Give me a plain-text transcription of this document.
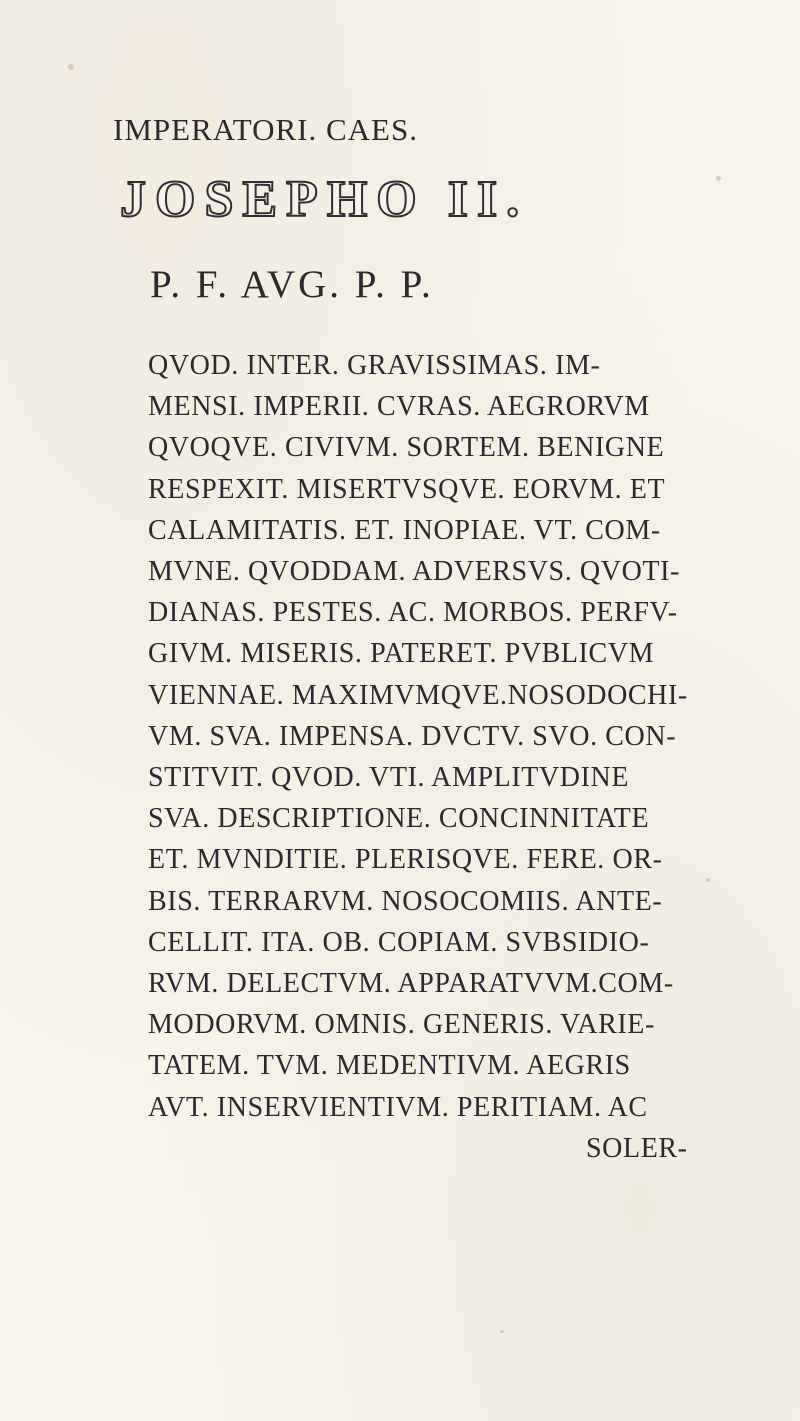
IMPERATORI. CAES.
JOSEPHO II.
P. F. AVG. P. P.
QVOD. INTER. GRAVISSIMAS. IM-
MENSI. IMPERII. CVRAS. AEGRORVM
QVOQVE. CIVIVM. SORTEM. BENIGNE
RESPEXIT. MISERTVSQVE. EORVM. ET
CALAMITATIS. ET. INOPIAE. VT. COM-
MVNE. QVODDAM. ADVERSVS. QVOTI-
DIANAS. PESTES. AC. MORBOS. PERFV-
GIVM. MISERIS. PATERET. PVBLICVM
VIENNAE. MAXIMVMQVE.NOSODOCHI-
VM. SVA. IMPENSA. DVCTV. SVO. CON-
STITVIT. QVOD. VTI. AMPLITVDINE
SVA. DESCRIPTIONE. CONCINNITATE
ET. MVNDITIE. PLERISQVE. FERE. OR-
BIS. TERRARVM. NOSOCOMIIS. ANTE-
CELLIT. ITA. OB. COPIAM. SVBSIDIO-
RVM. DELECTVM. APPARATVVM.COM-
MODORVM. OMNIS. GENERIS. VARIE-
TATEM. TVM. MEDENTIVM. AEGRIS
AVT. INSERVIENTIVM. PERITIAM. AC
SOLER-
